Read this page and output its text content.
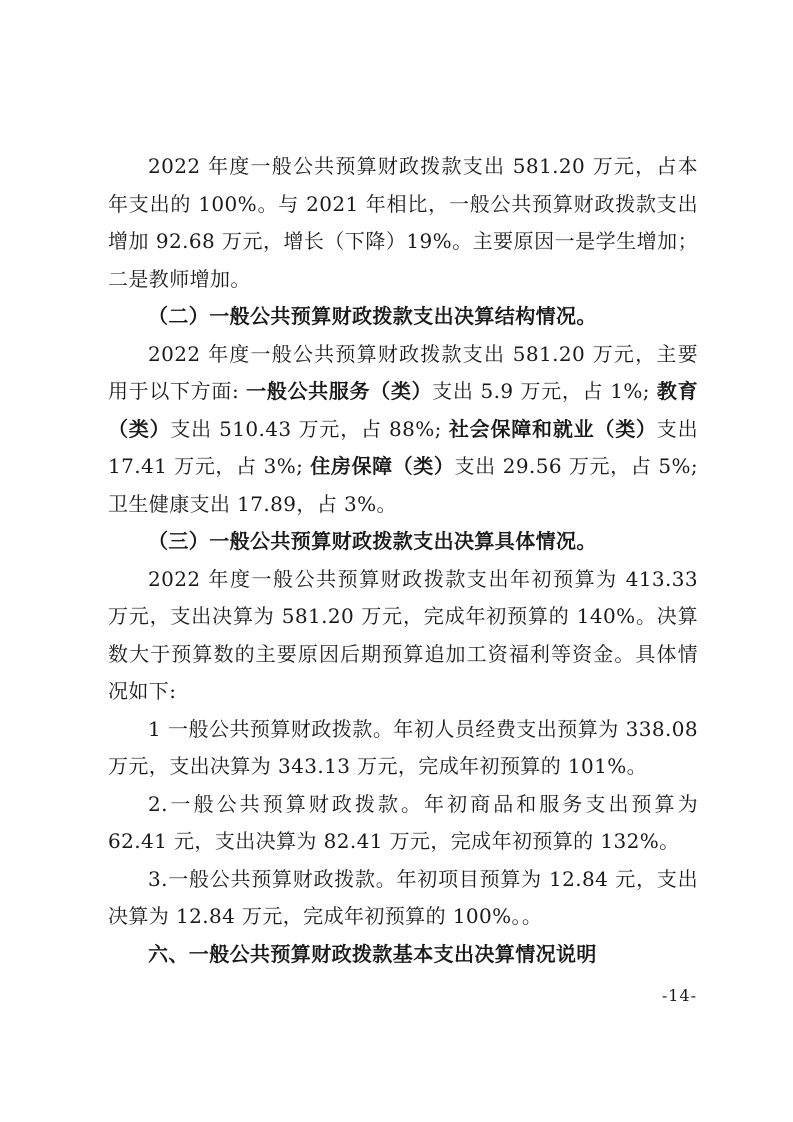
2022 年度一般公共预算财政拨款支出 581.20 万元，占本年支出的 100%。与 2021 年相比，一般公共预算财政拨款支出增加 92.68 万元，增长（下降）19%。主要原因一是学生增加；二是教师增加。

（二）一般公共预算财政拨款支出决算结构情况。

2022 年度一般公共预算财政拨款支出 581.20 万元，主要用于以下方面: 一般公共服务（类）支出 5.9 万元，占 1%; 教育（类）支出 510.43 万元，占 88%; 社会保障和就业（类）支出 17.41 万元，占 3%; 住房保障（类）支出 29.56 万元，占 5%; 卫生健康支出 17.89，占 3%。

（三）一般公共预算财政拨款支出决算具体情况。

2022 年度一般公共预算财政拨款支出年初预算为 413.33 万元，支出决算为 581.20 万元，完成年初预算的 140%。决算数大于预算数的主要原因后期预算追加工资福利等资金。具体情况如下:

1 一般公共预算财政拨款。年初人员经费支出预算为 338.08 万元，支出决算为 343.13 万元，完成年初预算的 101%。

2.一般公共预算财政拨款。年初商品和服务支出预算为 62.41 元，支出决算为 82.41 万元，完成年初预算的 132%。

3.一般公共预算财政拨款。年初项目预算为 12.84 元，支出决算为 12.84 万元，完成年初预算的 100%。。

六、一般公共预算财政拨款基本支出决算情况说明

-14-
